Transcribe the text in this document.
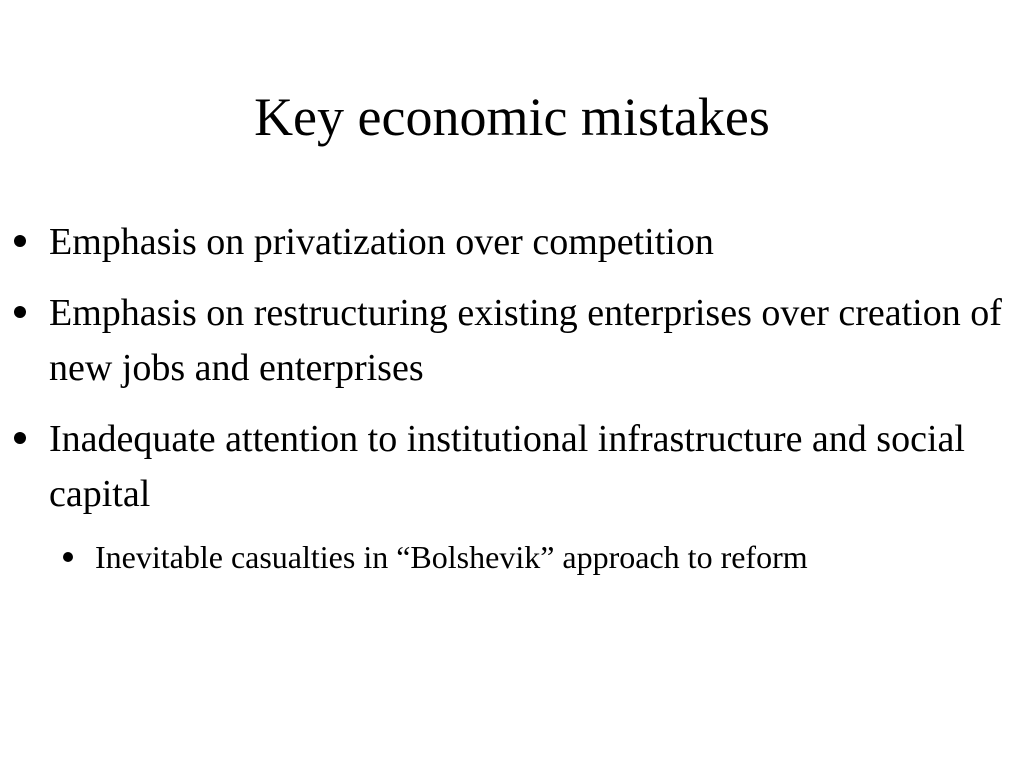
Key economic mistakes
Emphasis on privatization over competition
Emphasis on restructuring existing enterprises over creation of new jobs and enterprises
Inadequate attention to institutional infrastructure and social capital
Inevitable casualties in “Bolshevik” approach to reform
